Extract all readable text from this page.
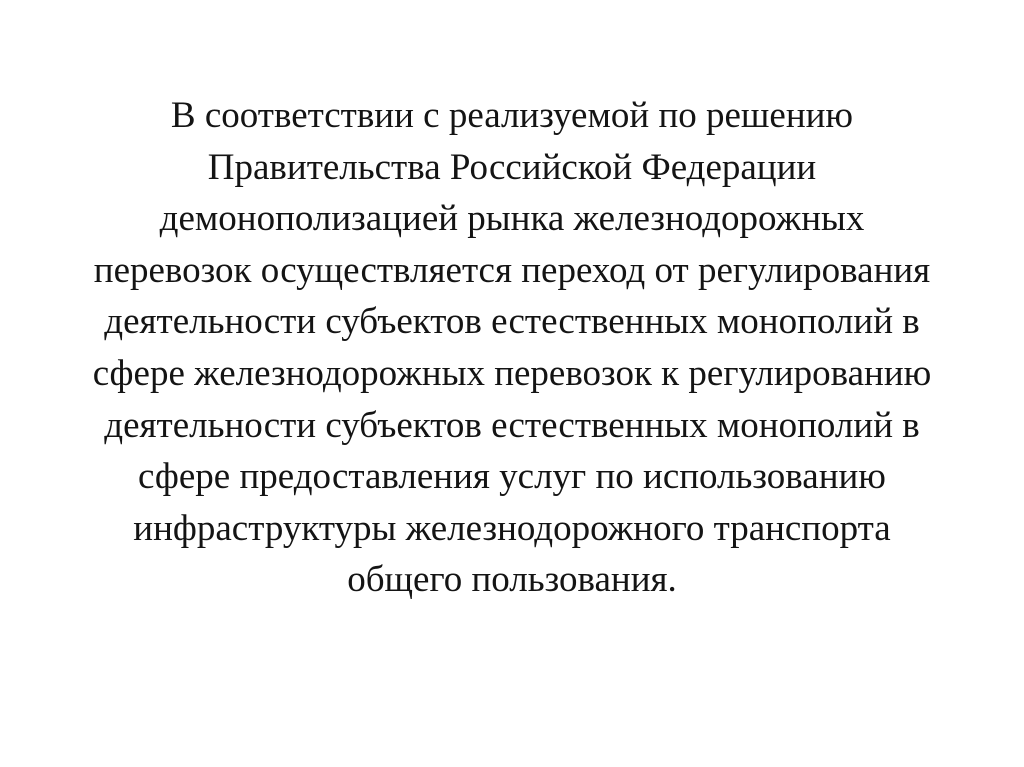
В соответствии с реализуемой по решению
Правительства Российской Федерации
демонополизацией рынка железнодорожных
перевозок осуществляется переход от регулирования
деятельности субъектов естественных монополий в
сфере железнодорожных перевозок к регулированию
деятельности субъектов естественных монополий в
сфере предоставления услуг по использованию
инфраструктуры железнодорожного транспорта
общего пользования.
